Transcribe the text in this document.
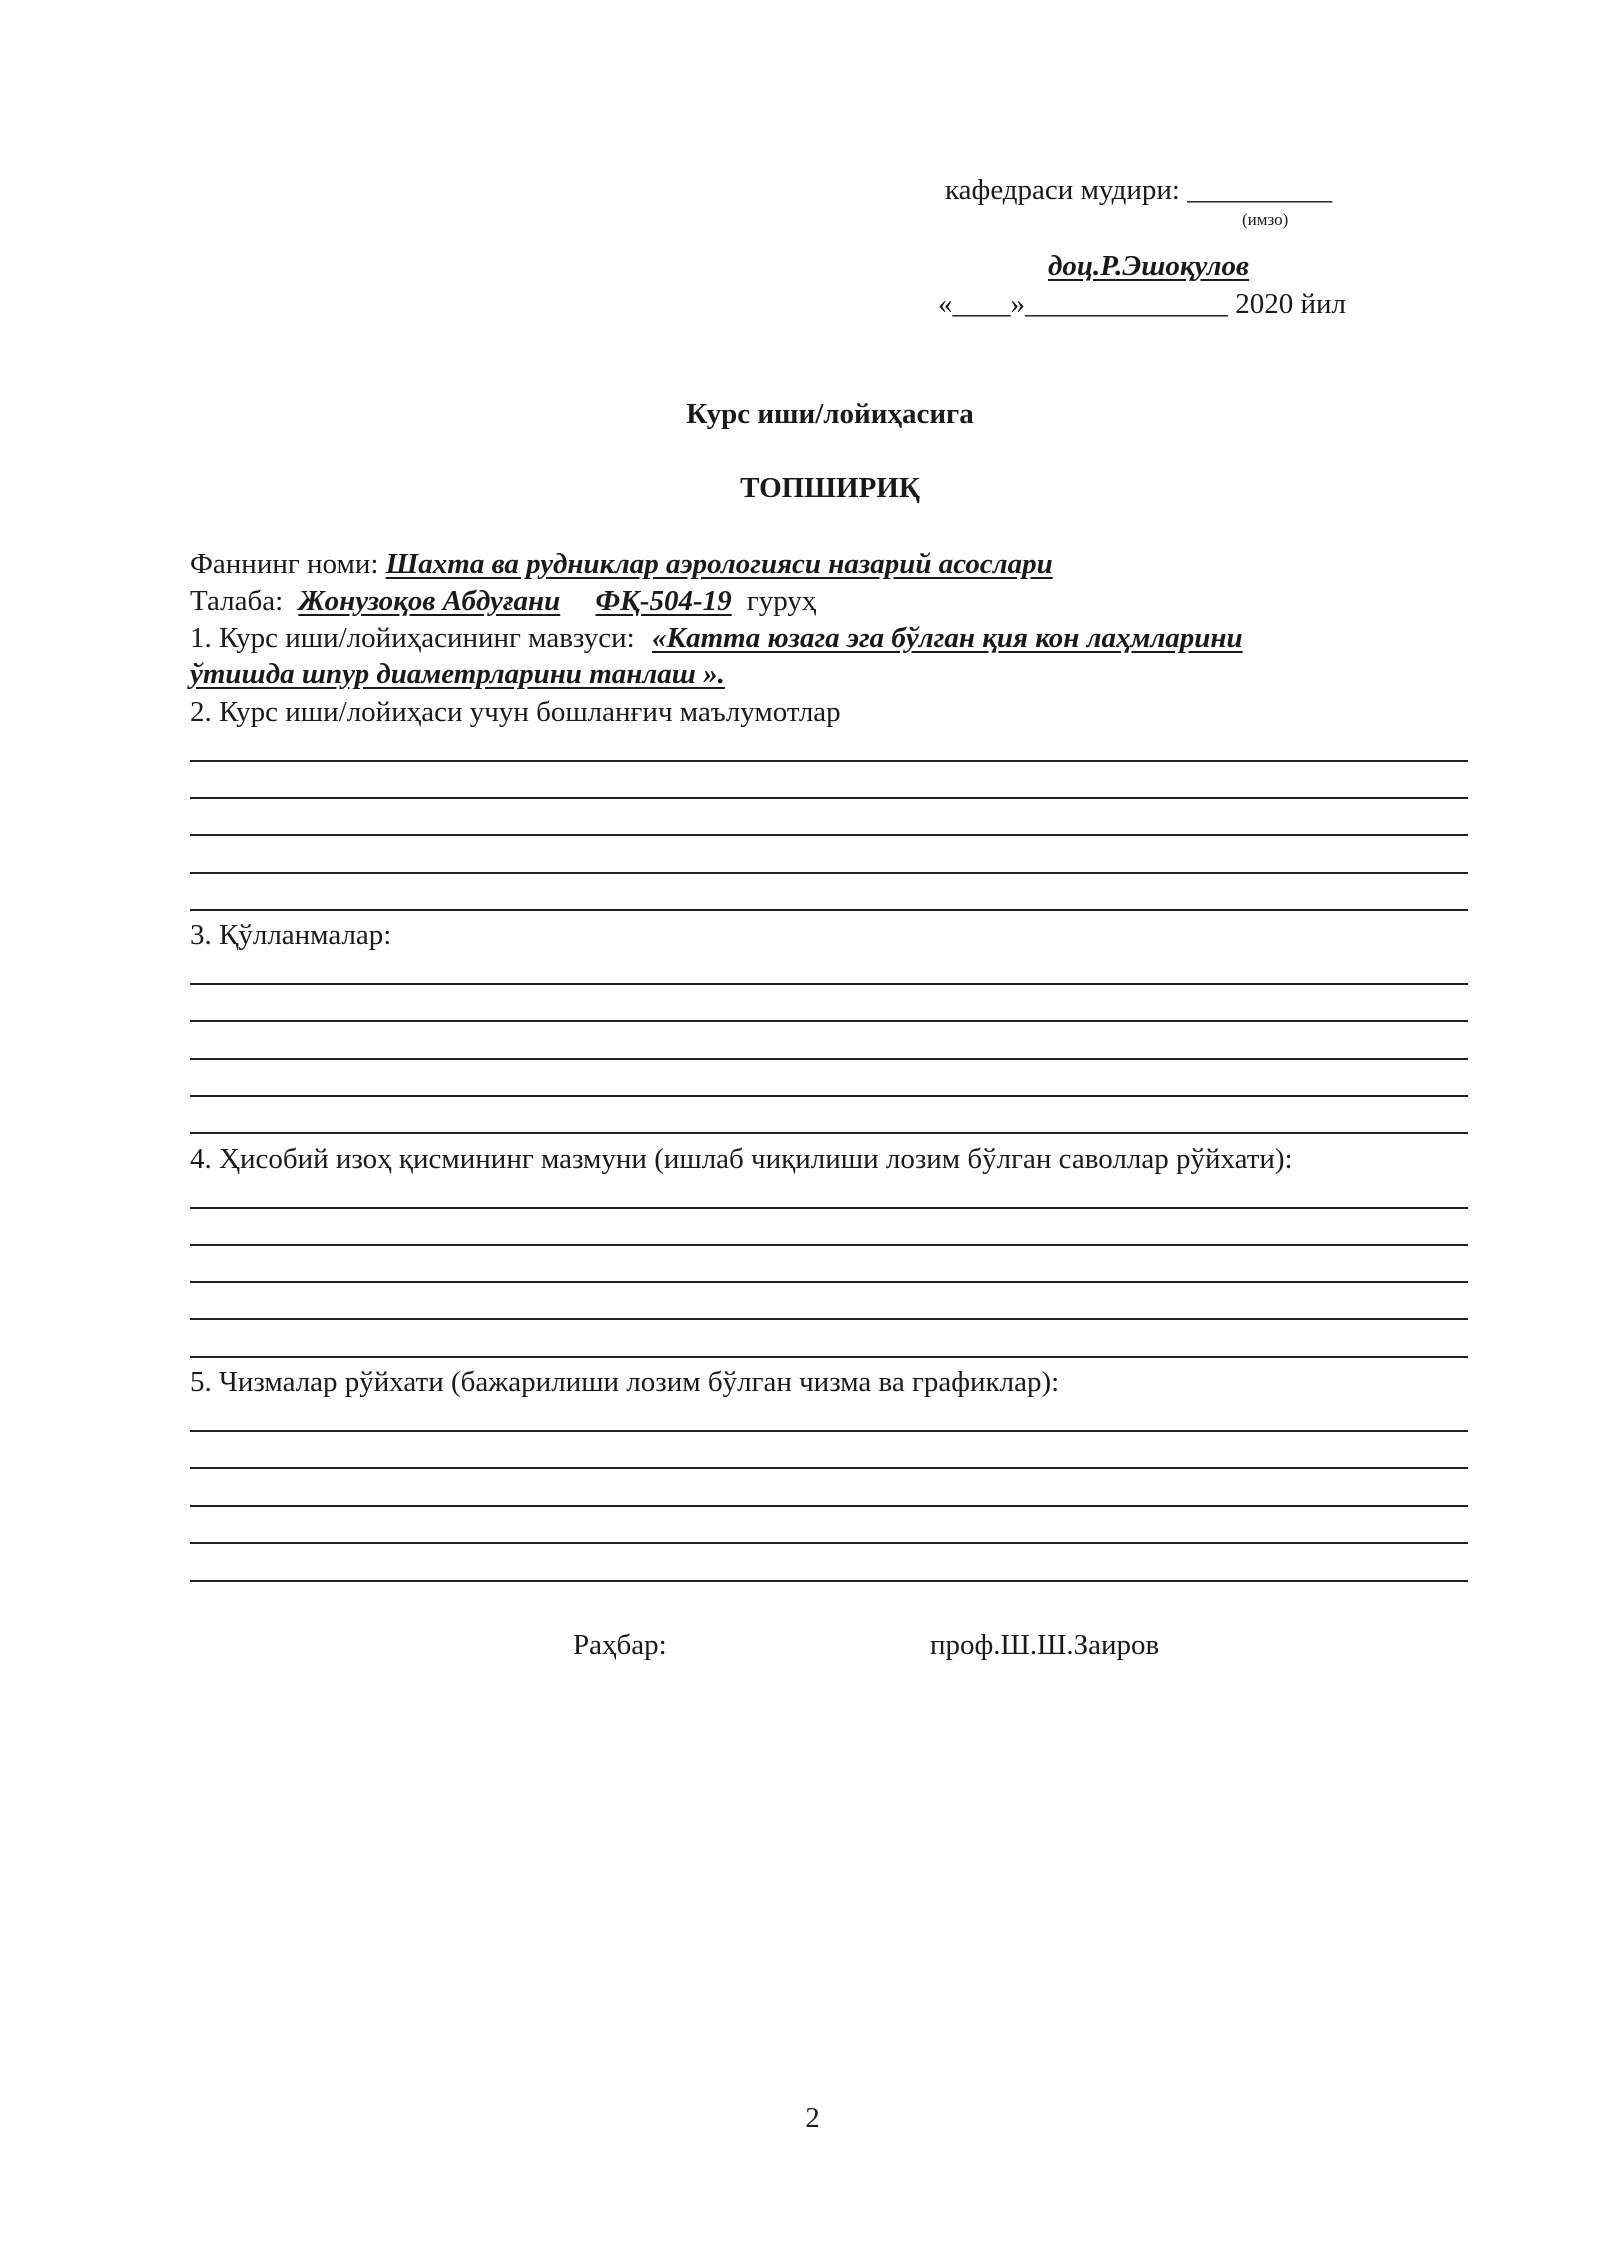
кафедраси мудири: __________
(имзо)
доц.Р.Эшоқулов
«____»______________ 2020 йил
Курс иши/лойиҳасига
ТОПШИРИҚ
Фаннинг номи: Шахта ва рудниклар аэрологияси назарий асослари
Талаба: Жонузоқов Абдуғани ФҚ-504-19 гуруҳ
1. Курс иши/лойиҳасининг мавзуси: «Катта юзага эга бўлган қия кон лаҳмларини
ўтишда шпур диаметрларини танлаш ».
2. Курс иши/лойиҳаси учун бошланғич маълумотлар
3. Қўлланмалар:
4. Ҳисобий изоҳ қисмининг мазмуни (ишлаб чиқилиши лозим бўлган саволлар рўйхати):
5. Чизмалар рўйхати (бажарилиши лозим бўлган чизма ва графиклар):
Раҳбар:	проф.Ш.Ш.Заиров
2
